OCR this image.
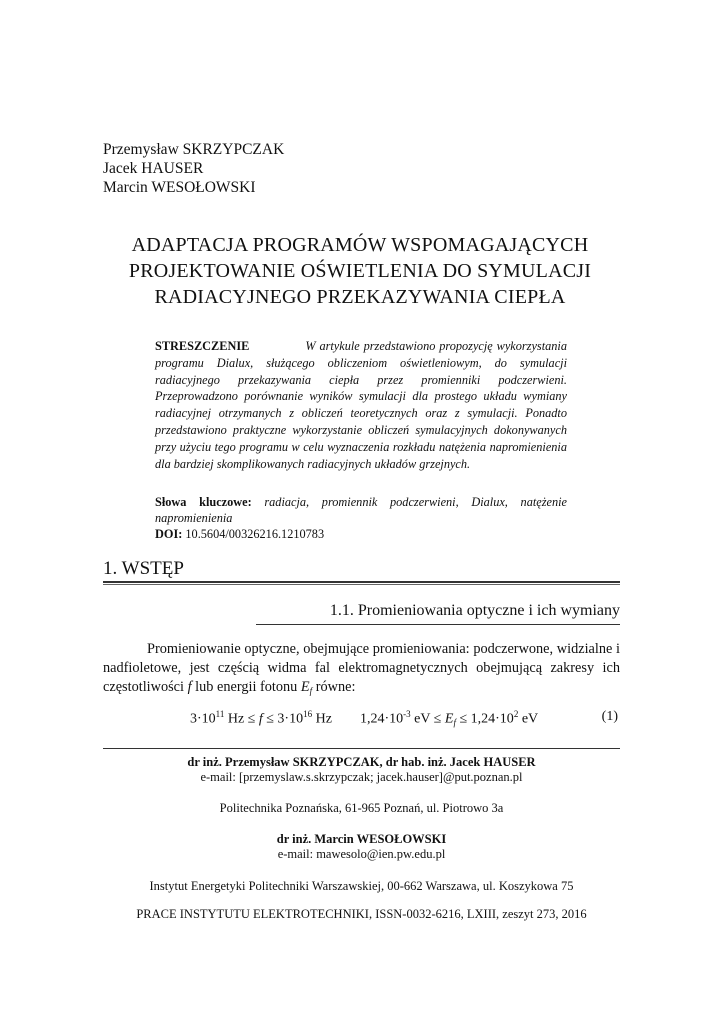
Przemysław SKRZYPCZAK
Jacek HAUSER
Marcin WESOŁOWSKI
ADAPTACJA PROGRAMÓW WSPOMAGAJĄCYCH
PROJEKTOWANIE OŚWIETLENIA DO SYMULACJI
RADIACYJNEGO PRZEKAZYWANIA CIEPŁA
STRESZCZENIE	W artykule przedstawiono propozycję wykorzystania programu Dialux, służącego obliczeniom oświetleniowym, do symulacji radiacyjnego przekazywania ciepła przez promienniki podczerwieni. Przeprowadzono porównanie wyników symulacji dla prostego układu wymiany radiacyjnej otrzymanych z obliczeń teoretycznych oraz z symulacji. Ponadto przedstawiono praktyczne wykorzystanie obliczeń symulacyjnych dokonywanych przy użyciu tego programu w celu wyznaczenia rozkładu natężenia napromienienia dla bardziej skomplikowanych radiacyjnych układów grzejnych.
Słowa kluczowe: radiacja, promiennik podczerwieni, Dialux, natężenie napromienienia
DOI: 10.5604/00326216.1210783
1. WSTĘP
1.1. Promieniowania optyczne i ich wymiany
Promieniowanie optyczne, obejmujące promieniowania: podczerwone, widzialne i nadfioletowe, jest częścią widma fal elektromagnetycznych obejmującą zakresy ich częstotliwości f lub energii fotonu $E_f$ równe:
$3\cdot 10^{11}$ $Hz \le f \le 3\cdot 10^{16}$ Hz $1,24\cdot 10^{-3}$ eV ≤ $E_f \le 1,24\cdot 10^2$ eV	(1)
dr inż. Przemysław SKRZYPCZAK, dr hab. inż. Jacek HAUSER
e-mail: [przemyslaw.s.skrzypczak; jacek.hauser]@put.poznan.pl
Politechnika Poznańska, 61-965 Poznań, ul. Piotrowo 3a
dr inż. Marcin WESOŁOWSKI
e-mail: mawesolo@ien.pw.edu.pl
Instytut Energetyki Politechniki Warszawskiej, 00-662 Warszawa, ul. Koszykowa 75
PRACE INSTYTUTU ELEKTROTECHNIKI, ISSN-0032-6216, LXIII, zeszyt 273, 2016
